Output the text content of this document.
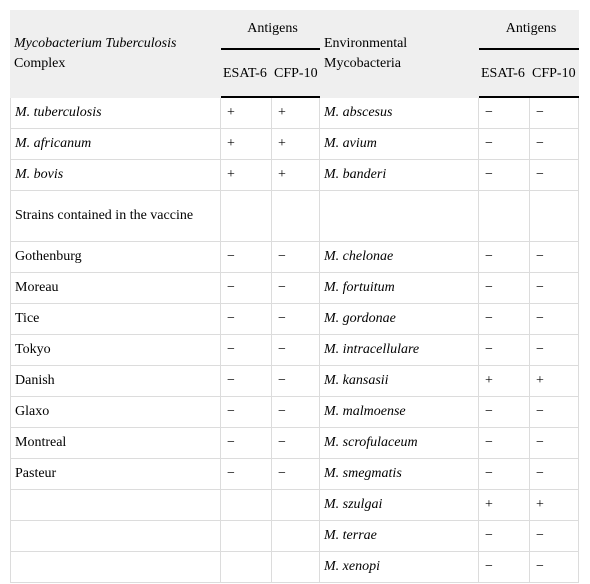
Mycobacterium Tuberculosis
Complex	Antigens		Environmental Mycobacteria	Antigens	
	ESAT-6	CFP-10		ESAT-6	CFP-10
M. tuberculosis	+	+	M. abscesus	−	−
M. africanum	+	+	M. avium	−	−
M. bovis	+	+	M. banderi	−	−
Strains contained in the vaccine					
Gothenburg	−	−	M. chelonae	−	−
Moreau	−	−	M. fortuitum	−	−
Tice	−	−	M. gordonae	−	−
Tokyo	−	−	M. intracellulare	−	−
Danish	−	−	M. kansasii	+	+
Glaxo	−	−	M. malmoense	−	−
Montreal	−	−	M. scrofulaceum	−	−
Pasteur	−	−	M. smegmatis	−	−
			M. szulgai	+	+
			M. terrae	−	−
			M. xenopi	−	−
